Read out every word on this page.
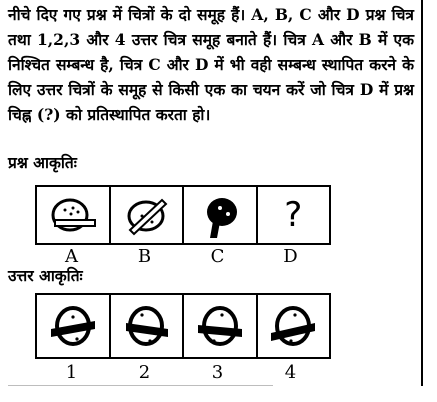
नीचे दिए गए प्रश्न में चित्रों के दो समूह हैं। A, B, C और D प्रश्न चित्र तथा 1,2,3 और 4 उत्तर चित्र समूह बनाते हैं। चित्र A और B में एक निश्चित सम्बन्ध है, चित्र C और D में भी वही सम्बन्ध स्थापित करने के लिए उत्तर चित्रों के समूह से किसी एक का चयन करें जो चित्र D में प्रश्न चिह्न (?) को प्रतिस्थापित करता हो।
प्रश्न आकृतिः
?
A	B	C	D
उत्तर आकृतिः
1	2	3	4
